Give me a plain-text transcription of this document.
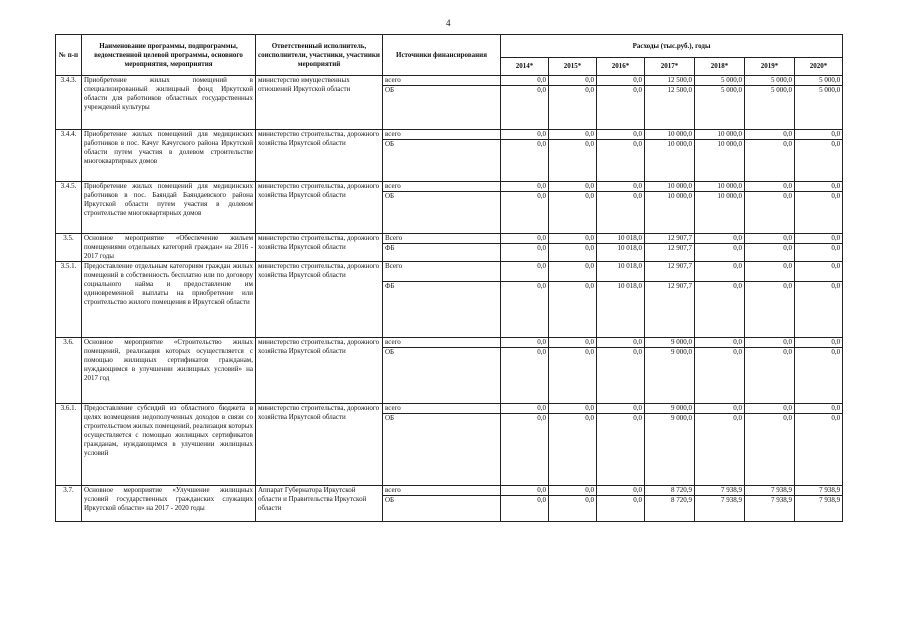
4
№ п-п	Наименование программы, подпрограммы, ведомственной целевой программы, основного мероприятия, мероприятия	Ответственный исполнитель, соисполнители, участники, участники мероприятий	Источники финансирования	Расходы (тыс.руб.), годы						
				2014*	2015*	2016*	2017*	2018*	2019*	2020*
3.4.3.	Приобретение жилых помещений в специализированный жилищный фонд Иркутской области для работников областных государственных учреждений культуры	министерство имущественных отношений Иркутской области	всего	0,0	0,0	0,0	12 500,0	5 000,0	5 000,0	5 000,0
			ОБ	0,0	0,0	0,0	12 500,0	5 000,0	5 000,0	5 000,0
3.4.4.	Приобретение жилых помещений для медицинских работников в пос. Качуг Качугского района Иркутской области путем участия в долевом строительстве многоквартирных домов	министерство строительства, дорожного хозяйства Иркутской области	всего	0,0	0,0	0,0	10 000,0	10 000,0	0,0	0,0
			ОБ	0,0	0,0	0,0	10 000,0	10 000,0	0,0	0,0
3.4.5.	Приобретение жилых помещений для медицинских работников в пос. Баяндай Баяндаевского района Иркутской области путем участия в долевом строительстве многоквартирных домов	министерство строительства, дорожного хозяйства Иркутской области	всего	0,0	0,0	0,0	10 000,0	10 000,0	0,0	0,0
			ОБ	0,0	0,0	0,0	10 000,0	10 000,0	0,0	0,0
3.5.	Основное мероприятие «Обеспечение жильем помещениями отдельных категорий граждан» на 2016 - 2017 годы	министерство строительства, дорожного хозяйства Иркутской области	Всего	0,0	0,0	10 018,0	12 907,7	0,0	0,0	0,0
			ФБ	0,0	0,0	10 018,0	12 907,7	0,0	0,0	0,0
3.5.1.	Предоставление отдельным категориям граждан жилых помещений в собственность бесплатно или по договору социального найма и предоставление им единовременной выплаты на приобретение или строительство жилого помещения в Иркутской области	министерство строительства, дорожного хозяйства Иркутской области	Всего	0,0	0,0	10 018,0	12 907,7	0,0	0,0	0,0
			ФБ	0,0	0,0	10 018,0	12 907,7	0,0	0,0	0,0
3.6.	Основное мероприятие «Строительство жилых помещений, реализация которых осуществляется с помощью жилищных сертификатов гражданам, нуждающимся в улучшении жилищных условий» на 2017 год	министерство строительства, дорожного хозяйства Иркутской области	всего	0,0	0,0	0,0	9 000,0	0,0	0,0	0,0
			ОБ	0,0	0,0	0,0	9 000,0	0,0	0,0	0,0
3.6.1.	Предоставление субсидий из областного бюджета в целях возмещения недополученных доходов в связи со строительством жилых помещений, реализация которых осуществляется с помощью жилищных сертификатов гражданам, нуждающимся в улучшении жилищных условий	министерство строительства, дорожного хозяйства Иркутской области	всего	0,0	0,0	0,0	9 000,0	0,0	0,0	0,0
			ОБ	0,0	0,0	0,0	9 000,0	0,0	0,0	0,0
3.7.	Основное мероприятие «Улучшение жилищных условий государственных гражданских служащих Иркутской области» на 2017 - 2020 годы	Аппарат Губернатора Иркутской области и Правительства Иркутской области	всего	0,0	0,0	0,0	8 720,9	7 938,9	7 938,9	7 938,9
			ОБ	0,0	0,0	0,0	8 720,9	7 938,9	7 938,9	7 938,9
